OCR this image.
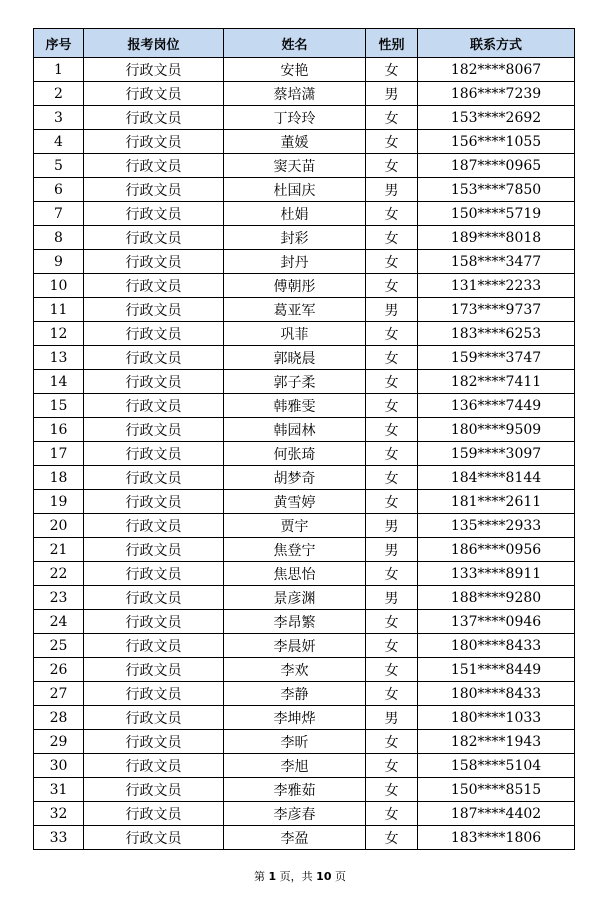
序号	报考岗位	姓名	性别	联系方式
1	行政文员	安艳	女	182****8067
2	行政文员	蔡培潇	男	186****7239
3	行政文员	丁玲玲	女	153****2692
4	行政文员	董媛	女	156****1055
5	行政文员	窦天苗	女	187****0965
6	行政文员	杜国庆	男	153****7850
7	行政文员	杜娟	女	150****5719
8	行政文员	封彩	女	189****8018
9	行政文员	封丹	女	158****3477
10	行政文员	傅朝彤	女	131****2233
11	行政文员	葛亚军	男	173****9737
12	行政文员	巩菲	女	183****6253
13	行政文员	郭晓晨	女	159****3747
14	行政文员	郭子柔	女	182****7411
15	行政文员	韩雅雯	女	136****7449
16	行政文员	韩园林	女	180****9509
17	行政文员	何张琦	女	159****3097
18	行政文员	胡梦奇	女	184****8144
19	行政文员	黄雪婷	女	181****2611
20	行政文员	贾宇	男	135****2933
21	行政文员	焦登宁	男	186****0956
22	行政文员	焦思怡	女	133****8911
23	行政文员	景彦渊	男	188****9280
24	行政文员	李昂繁	女	137****0946
25	行政文员	李晨妍	女	180****8433
26	行政文员	李欢	女	151****8449
27	行政文员	李静	女	180****8433
28	行政文员	李坤烨	男	180****1033
29	行政文员	李昕	女	182****1943
30	行政文员	李旭	女	158****5104
31	行政文员	李雅茹	女	150****8515
32	行政文员	李彦春	女	187****4402
33	行政文员	李盈	女	183****1806
第 1 页，共 10 页
